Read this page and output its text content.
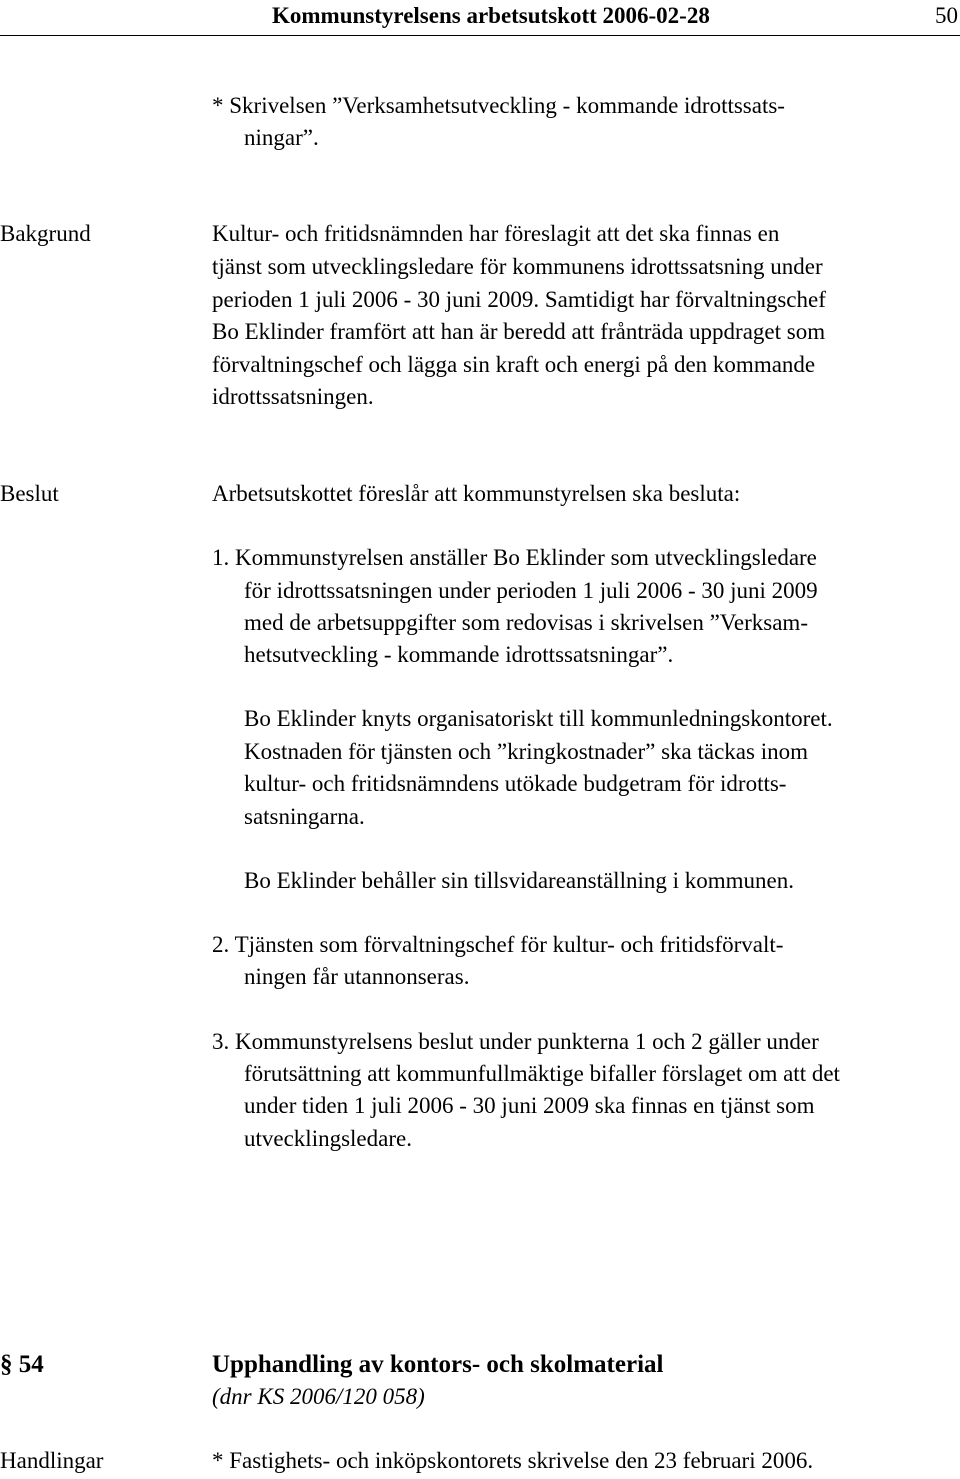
Kommunstyrelsens arbetsutskott 2006-02-28	50
* Skrivelsen ”Verksamhetsutveckling - kommande idrottssats-
ningar”.
Bakgrund	Kultur- och fritidsnämnden har föreslagit att det ska finnas en
tjänst som utvecklingsledare för kommunens idrottssatsning under
perioden 1 juli 2006 - 30 juni 2009. Samtidigt har förvaltningschef
Bo Eklinder framfört att han är beredd att frånträda uppdraget som
förvaltningschef och lägga sin kraft och energi på den kommande
idrottssatsningen.
Beslut	Arbetsutskottet föreslår att kommunstyrelsen ska besluta:
1. Kommunstyrelsen anställer Bo Eklinder som utvecklingsledare
för idrottssatsningen under perioden 1 juli 2006 - 30 juni 2009
med de arbetsuppgifter som redovisas i skrivelsen ”Verksam-
hetsutveckling - kommande idrottssatsningar”.
Bo Eklinder knyts organisatoriskt till kommunledningskontoret.
Kostnaden för tjänsten och ”kringkostnader” ska täckas inom
kultur- och fritidsnämndens utökade budgetram för idrotts-
satsningarna.
Bo Eklinder behåller sin tillsvidareanställning i kommunen.
2. Tjänsten som förvaltningschef för kultur- och fritidsförvalt-
ningen får utannonseras.
3. Kommunstyrelsens beslut under punkterna 1 och 2 gäller under
förutsättning att kommunfullmäktige bifaller förslaget om att det
under tiden 1 juli 2006 - 30 juni 2009 ska finnas en tjänst som
utvecklingsledare.
§ 54	Upphandling av kontors- och skolmaterial
(dnr KS 2006/120 058)
Handlingar	* Fastighets- och inköpskontorets skrivelse den 23 februari 2006.
